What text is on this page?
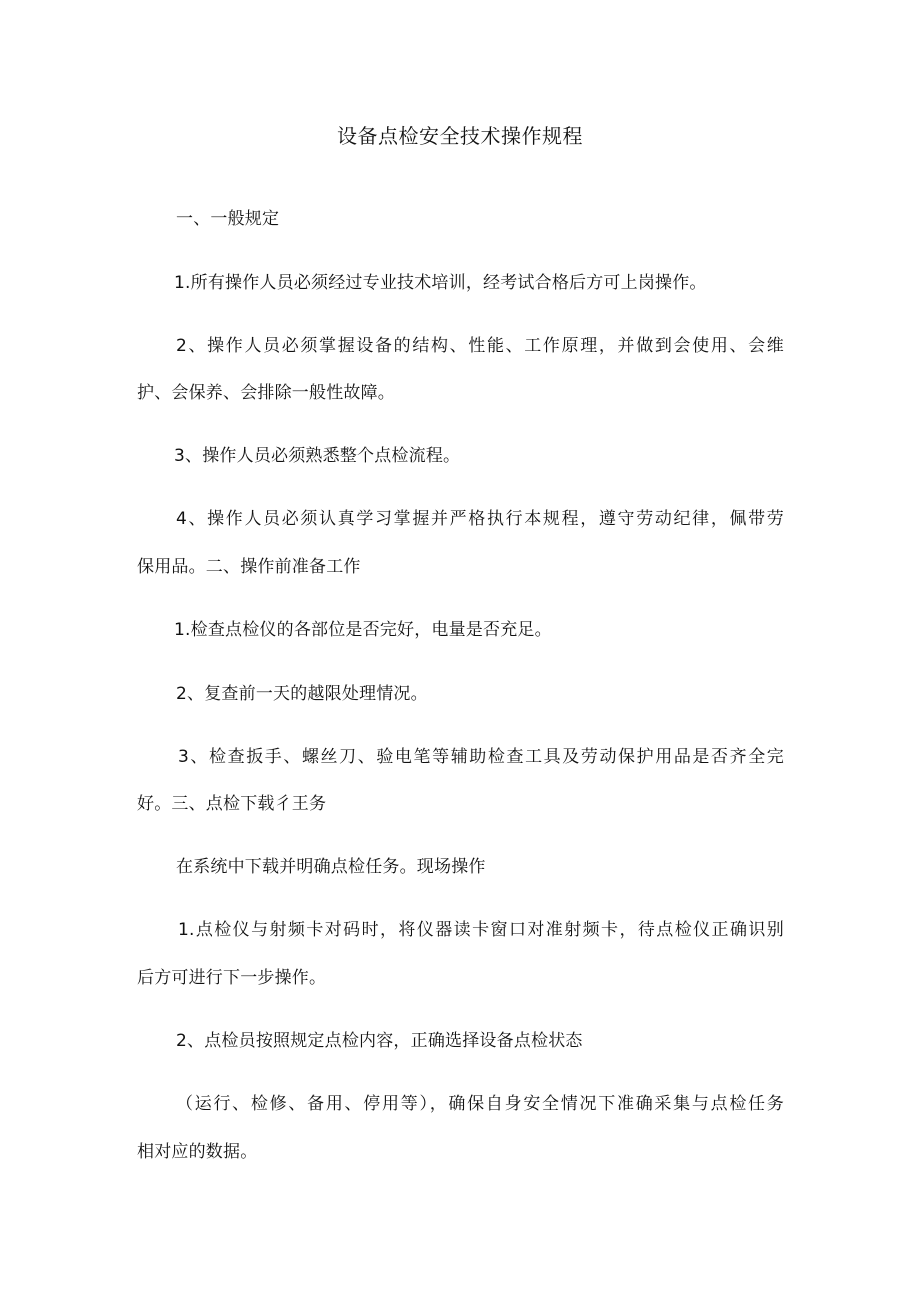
设备点检安全技术操作规程
一、一般规定
1.所有操作人员必须经过专业技术培训，经考试合格后方可上岗操作。
2、操作人员必须掌握设备的结构、性能、工作原理，并做到会使用、会维
护、会保养、会排除一般性故障。
3、操作人员必须熟悉整个点检流程。
4、操作人员必须认真学习掌握并严格执行本规程，遵守劳动纪律，佩带劳
保用品。二、操作前准备工作
1.检查点检仪的各部位是否完好，电量是否充足。
2、复查前一天的越限处理情况。
3、检查扳手、螺丝刀、验电笔等辅助检查工具及劳动保护用品是否齐全完
好。三、点检下载彳王务
在系统中下载并明确点检任务。现场操作
1.点检仪与射频卡对码时，将仪器读卡窗口对准射频卡，待点检仪正确识别
后方可进行下一步操作。
2、点检员按照规定点检内容，正确选择设备点检状态
（运行、检修、备用、停用等），确保自身安全情况下准确采集与点检任务
相对应的数据。
